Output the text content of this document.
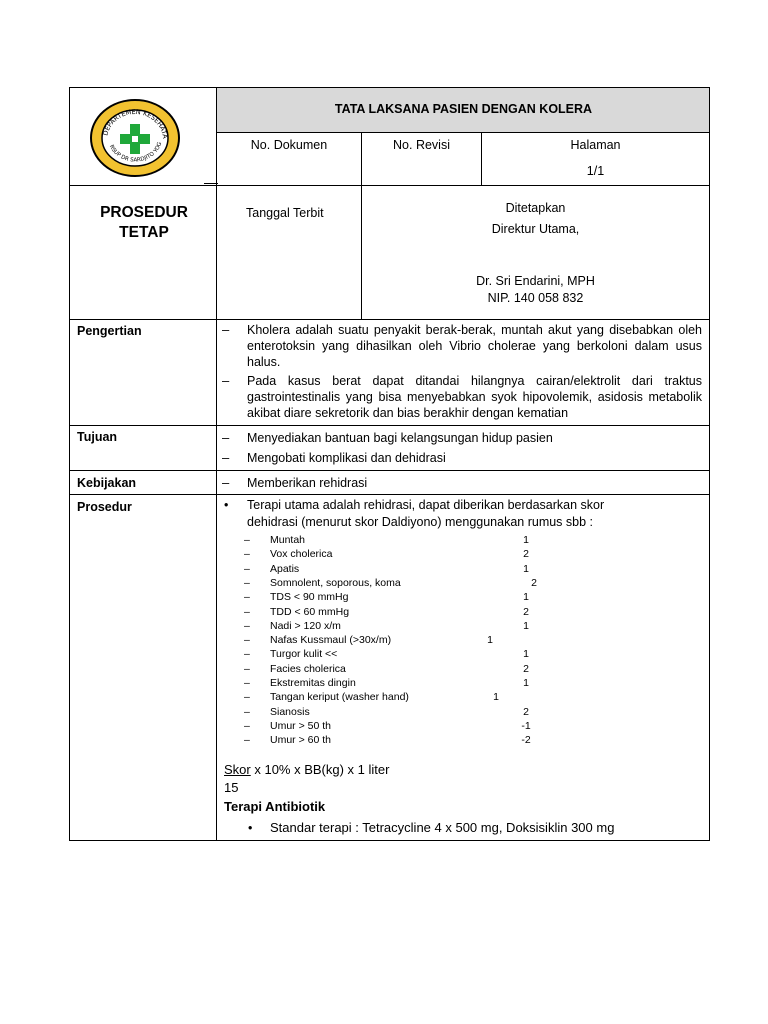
DEPARTEMEN KESEHATA
RSUP DR SARDJITO YOG
TATA LAKSANA PASIEN DENGAN KOLERA
No. Dokumen	No. Revisi	Halaman
1/1
PROSEDUR
TETAP
Tanggal Terbit	Ditetapkan
Direktur Utama,
Dr. Sri Endarini, MPH
NIP. 140 058 832
Pengertian	– Kholera adalah suatu penyakit berak-berak, muntah akut yang disebabkan oleh enterotoksin yang dihasilkan oleh Vibrio cholerae yang berkoloni dalam usus halus.
– Pada kasus berat dapat ditandai hilangnya cairan/elektrolit dari traktus gastrointestinalis yang bisa menyebabkan syok hipovolemik, asidosis metabolik akibat diare sekretorik dan bias berakhir dengan kematian
Tujuan	– Menyediakan bantuan bagi kelangsungan hidup pasien
– Mengobati komplikasi dan dehidrasi
Kebijakan	– Memberikan rehidrasi
Prosedur	• Terapi utama adalah rehidrasi, dapat diberikan berdasarkan skor
dehidrasi (menurut skor Daldiyono) menggunakan rumus sbb :
– Muntah	1
– Vox cholerica	2
– Apatis	1
– Somnolent, soporous, koma	2
– TDS < 90 mmHg	1
– TDD < 60 mmHg	2
– Nadi > 120 x/m	1
– Nafas Kussmaul (>30x/m)	1
– Turgor kulit <<	1
– Facies cholerica	2
– Ekstremitas dingin	1
– Tangan keriput (washer hand)	1
– Sianosis	2
– Umur > 50 th	-1
– Umur > 60 th	-2
Skor x 10% x BB(kg) x 1 liter
15
Terapi Antibiotik
• Standar terapi : Tetracycline 4 x 500 mg, Doksisiklin 300 mg
